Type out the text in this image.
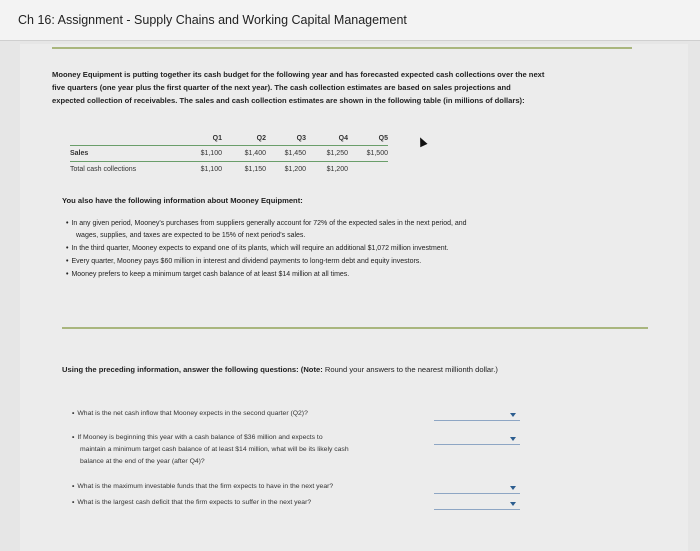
Ch 16: Assignment - Supply Chains and Working Capital Management
Mooney Equipment is putting together its cash budget for the following year and has forecasted expected cash collections over the next
five quarters (one year plus the first quarter of the next year). The cash collection estimates are based on sales projections and
expected collection of receivables. The sales and cash collection estimates are shown in the following table (in millions of dollars):
	Q1	Q2	Q3	Q4	Q5
Sales	$1,100	$1,400	$1,450	$1,250	$1,500
Total cash collections	$1,100	$1,150	$1,200	$1,200	
You also have the following information about Mooney Equipment:
• In any given period, Mooney's purchases from suppliers generally account for 72% of the expected sales in the next period, and
wages, supplies, and taxes are expected to be 15% of next period's sales.
• In the third quarter, Mooney expects to expand one of its plants, which will require an additional $1,072 million investment.
• Every quarter, Mooney pays $60 million in interest and dividend payments to long-term debt and equity investors.
• Mooney prefers to keep a minimum target cash balance of at least $14 million at all times.
Using the preceding information, answer the following questions: (Note: Round your answers to the nearest millionth dollar.)
• What is the net cash inflow that Mooney expects in the second quarter (Q2)?
• If Mooney is beginning this year with a cash balance of $36 million and expects to
maintain a minimum target cash balance of at least $14 million, what will be its likely cash
balance at the end of the year (after Q4)?
• What is the maximum investable funds that the firm expects to have in the next year?
• What is the largest cash deficit that the firm expects to suffer in the next year?
